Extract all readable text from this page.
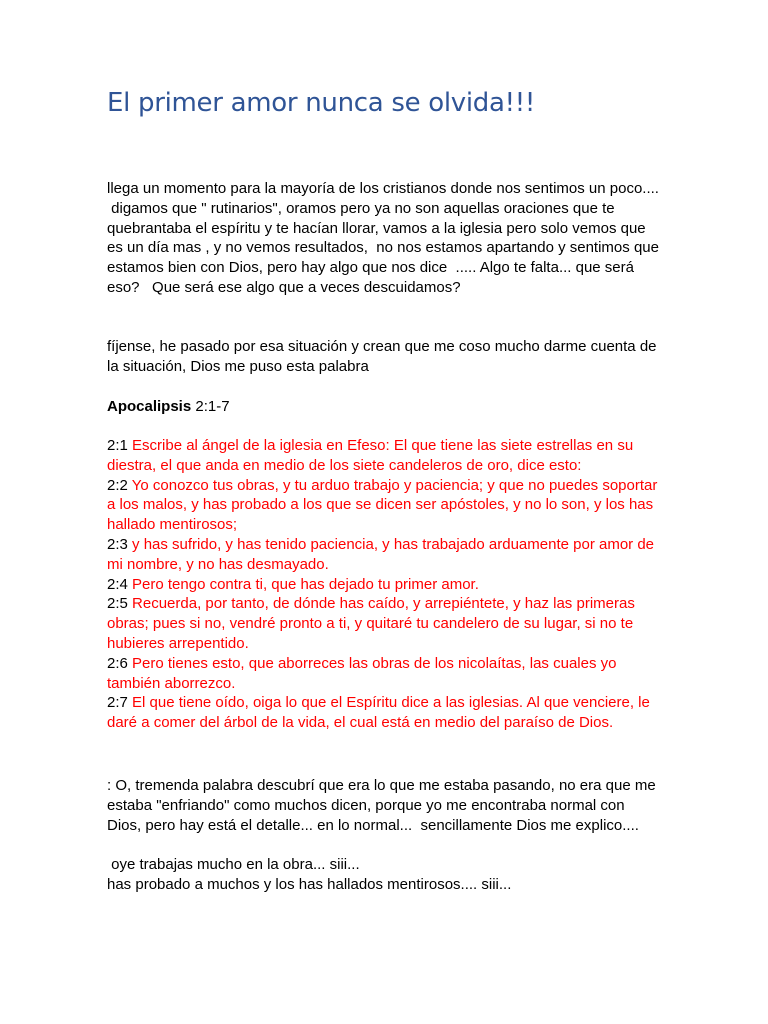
El primer amor nunca se olvida!!!
llega un momento para la mayoría de los cristianos donde nos sentimos un poco....
digamos que " rutinarios", oramos pero ya no son aquellas oraciones que te
quebrantaba el espíritu y te hacían llorar, vamos a la iglesia pero solo vemos que
es un día mas , y no vemos resultados,  no nos estamos apartando y sentimos que
estamos bien con Dios, pero hay algo que nos dice  ..... Algo te falta... que será
eso?   Que será ese algo que a veces descuidamos?
fíjense, he pasado por esa situación y crean que me coso mucho darme cuenta de
la situación, Dios me puso esta palabra
Apocalipsis 2:1-7
2:1 Escribe al ángel de la iglesia en Efeso: El que tiene las siete estrellas en su
diestra, el que anda en medio de los siete candeleros de oro, dice esto:
2:2 Yo conozco tus obras, y tu arduo trabajo y paciencia; y que no puedes soportar
a los malos, y has probado a los que se dicen ser apóstoles, y no lo son, y los has
hallado mentirosos;
2:3 y has sufrido, y has tenido paciencia, y has trabajado arduamente por amor de
mi nombre, y no has desmayado.
2:4 Pero tengo contra ti, que has dejado tu primer amor.
2:5 Recuerda, por tanto, de dónde has caído, y arrepiéntete, y haz las primeras
obras; pues si no, vendré pronto a ti, y quitaré tu candelero de su lugar, si no te
hubieres arrepentido.
2:6 Pero tienes esto, que aborreces las obras de los nicolaítas, las cuales yo
también aborrezco.
2:7 El que tiene oído, oiga lo que el Espíritu dice a las iglesias. Al que venciere, le
daré a comer del árbol de la vida, el cual está en medio del paraíso de Dios.
: O, tremenda palabra descubrí que era lo que me estaba pasando, no era que me
estaba "enfriando" como muchos dicen, porque yo me encontraba normal con
Dios, pero hay está el detalle... en lo normal...  sencillamente Dios me explico....
oye trabajas mucho en la obra... siii...
has probado a muchos y los has hallados mentirosos.... siii...
